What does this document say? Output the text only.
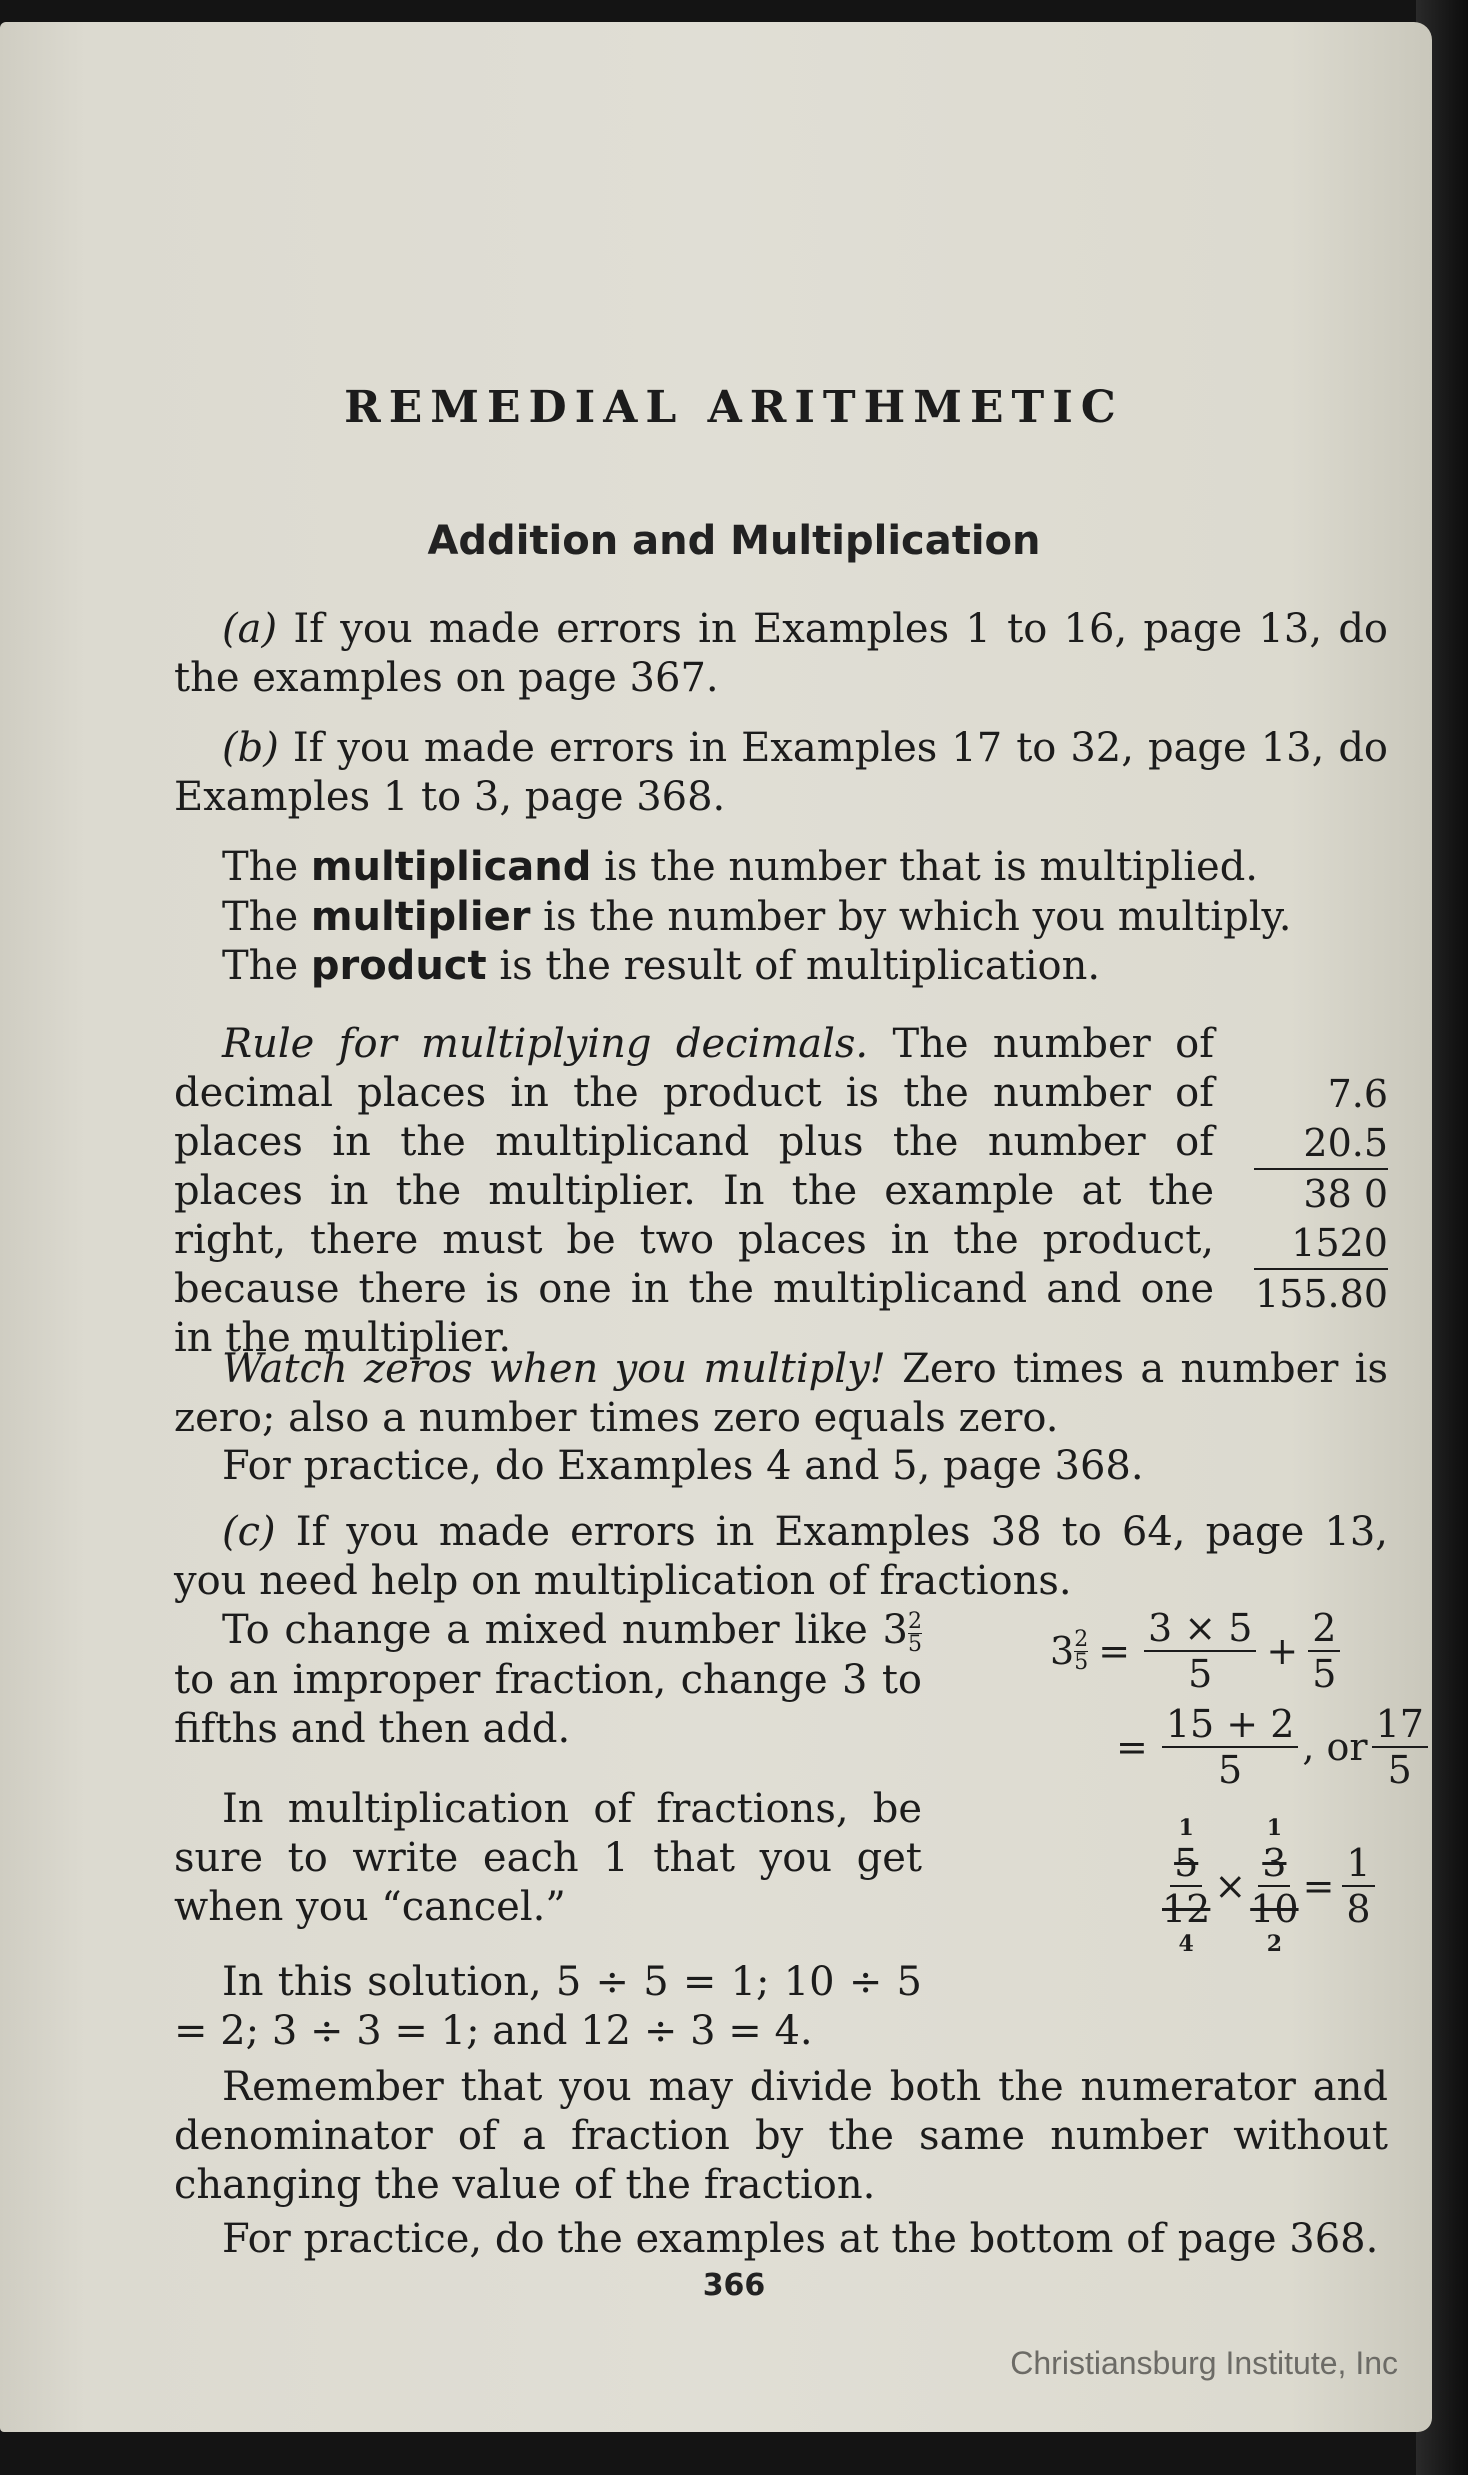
REMEDIAL ARITHMETIC
Addition and Multiplication
(a) If you made errors in Examples 1 to 16, page 13, do the examples on page 367.
(b) If you made errors in Examples 17 to 32, page 13, do Examples 1 to 3, page 368.
The multiplicand is the number that is multiplied.
The multiplier is the number by which you multiply.
The product is the result of multiplication.
Rule for multiplying decimals. The number of decimal places in the product is the number of places in the multiplicand plus the number of places in the multiplier. In the example at the right, there must be two places in the product, because there is one in the multiplicand and one in the multiplier.
7.6
20.5
38 0
1520
155.80
Watch zeros when you multiply! Zero times a number is zero; also a number times zero equals zero.
For practice, do Examples 4 and 5, page 368.
(c) If you made errors in Examples 38 to 64, page 13, you need help on multiplication of fractions.
To change a mixed number like $3 \frac{2}{5}$
to an improper fraction, change 3 to fifths and then add.
$3 \frac{2}{5} = \frac{3 \times 5}{5} + \frac{2}{5}$
= $\frac{15 + 2}{5}$ , or $\frac{17}{5}$
In multiplication of fractions, be sure to write each 1 that you get when you “cancel.”
1
$\frac{5}{12}$
4
×
1
$\frac{3}{10}$
2
= $\frac{1}{8}$
In this solution, 5 ÷ 5 = 1; 10 ÷ 5 = 2; 3 ÷ 3 = 1; and 12 ÷ 3 = 4.
Remember that you may divide both the numerator and denominator of a fraction by the same number without changing the value of the fraction.
For practice, do the examples at the bottom of page 368.
366
Christiansburg Institute, Inc
